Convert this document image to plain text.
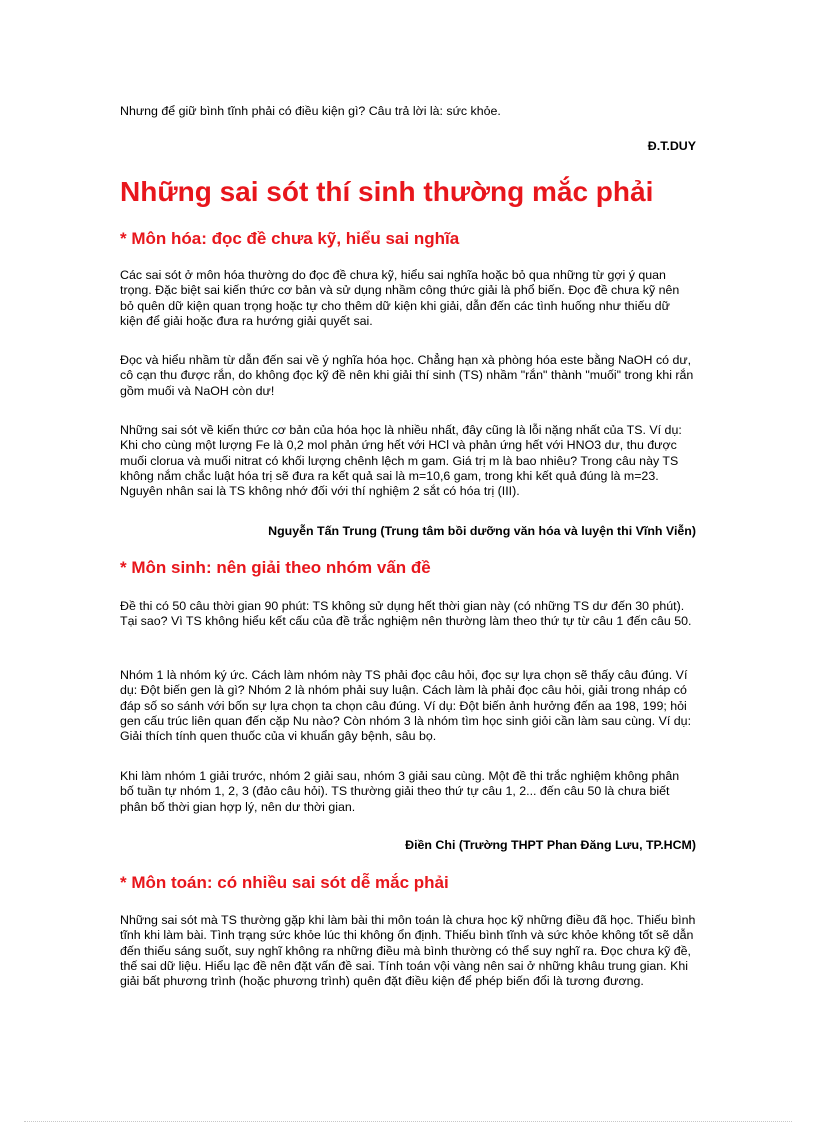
Nhưng để giữ bình tĩnh phải có điều kiện gì? Câu trả lời là: sức khỏe.

Đ.T.DUY

Những sai sót thí sinh thường mắc phải
* Môn hóa: đọc đề chưa kỹ, hiểu sai nghĩa

Các sai sót ở môn hóa thường do đọc đề chưa kỹ, hiểu sai nghĩa hoặc bỏ qua những từ gợi ý quan trọng. Đặc biệt sai kiến thức cơ bản và sử dụng nhầm công thức giải là phổ biến. Đọc đề chưa kỹ nên bỏ quên dữ kiện quan trọng hoặc tự cho thêm dữ kiện khi giải, dẫn đến các tình huống như thiếu dữ kiện để giải hoặc đưa ra hướng giải quyết sai.

Đọc và hiểu nhầm từ dẫn đến sai về ý nghĩa hóa học. Chẳng hạn xà phòng hóa este bằng NaOH có dư, cô cạn thu được rắn, do không đọc kỹ đề nên khi giải thí sinh (TS) nhầm "rắn" thành "muối" trong khi rắn gồm muối và NaOH còn dư!

Những sai sót về kiến thức cơ bản của hóa học là nhiều nhất, đây cũng là lỗi nặng nhất của TS. Ví dụ: Khi cho cùng một lượng Fe là 0,2 mol phản ứng hết với HCl và phản ứng hết với HNO3 dư, thu được muối clorua và muối nitrat có khối lượng chênh lệch m gam. Giá trị m là bao nhiêu? Trong câu này TS không nắm chắc luật hóa trị sẽ đưa ra kết quả sai là m=10,6 gam, trong khi kết quả đúng là m=23. Nguyên nhân sai là TS không nhớ đối với thí nghiệm 2 sắt có hóa trị (III).

Nguyễn Tấn Trung (Trung tâm bồi dưỡng văn hóa và luyện thi Vĩnh Viễn)

* Môn sinh: nên giải theo nhóm vấn đề

Đề thi có 50 câu thời gian 90 phút: TS không sử dụng hết thời gian này (có những TS dư đến 30 phút). Tại sao? Vì TS không hiểu kết cấu của đề trắc nghiệm nên thường làm theo thứ tự từ câu 1 đến câu 50.

Nhóm 1 là nhóm ký ức. Cách làm nhóm này TS phải đọc câu hỏi, đọc sự lựa chọn sẽ thấy câu đúng. Ví dụ: Đột biến gen là gì? Nhóm 2 là nhóm phải suy luận. Cách làm là phải đọc câu hỏi, giải trong nháp có đáp số so sánh với bốn sự lựa chọn ta chọn câu đúng. Ví dụ: Đột biến ảnh hưởng đến aa 198, 199; hỏi gen cấu trúc liên quan đến cặp Nu nào? Còn nhóm 3 là nhóm tìm học sinh giỏi cần làm sau cùng. Ví dụ: Giải thích tính quen thuốc của vi khuẩn gây bệnh, sâu bọ.

Khi làm nhóm 1 giải trước, nhóm 2 giải sau, nhóm 3 giải sau cùng. Một đề thi trắc nghiệm không phân bố tuần tự nhóm 1, 2, 3 (đảo câu hỏi). TS thường giải theo thứ tự câu 1, 2... đến câu 50 là chưa biết phân bố thời gian hợp lý, nên dư thời gian.

Điền Chi (Trường THPT Phan Đăng Lưu, TP.HCM)

* Môn toán: có nhiều sai sót dễ mắc phải

Những sai sót mà TS thường gặp khi làm bài thi môn toán là chưa học kỹ những điều đã học. Thiếu bình tĩnh khi làm bài. Tình trạng sức khỏe lúc thi không ổn định. Thiếu bình tĩnh và sức khỏe không tốt sẽ dẫn đến thiếu sáng suốt, suy nghĩ không ra những điều mà bình thường có thể suy nghĩ ra. Đọc chưa kỹ đề, thế sai dữ liệu. Hiểu lạc đề nên đặt vấn đề sai. Tính toán vội vàng nên sai ở những khâu trung gian. Khi giải bất phương trình (hoặc phương trình) quên đặt điều kiện để phép biến đổi là tương đương.
